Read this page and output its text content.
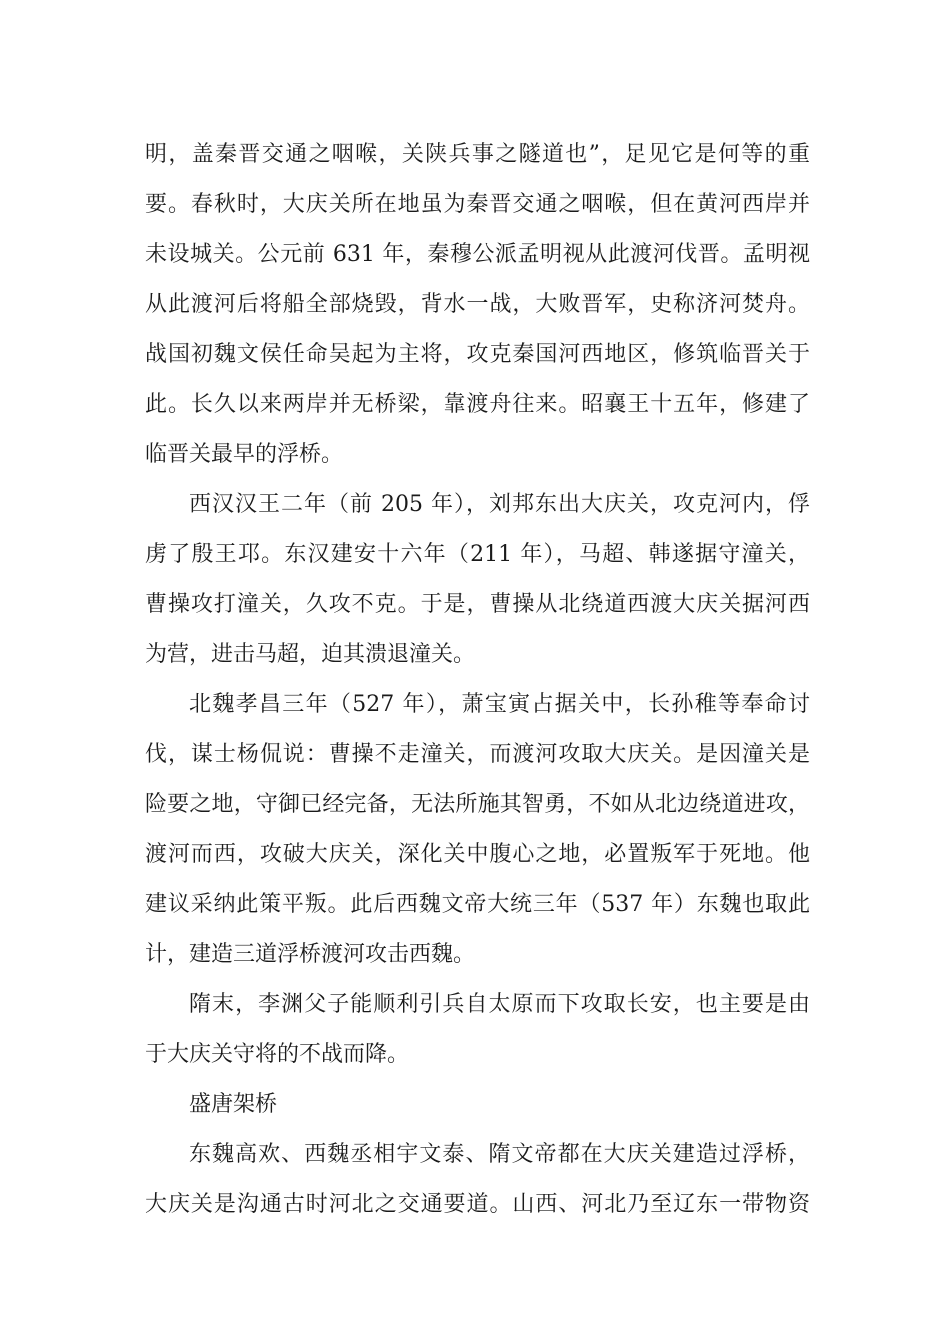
明，盖秦晋交通之咽喉，关陕兵事之隧道也”，足见它是何等的重
要。春秋时，大庆关所在地虽为秦晋交通之咽喉，但在黄河西岸并
未设城关。公元前 631 年，秦穆公派孟明视从此渡河伐晋。孟明视
从此渡河后将船全部烧毁，背水一战，大败晋军，史称济河焚舟。
战国初魏文侯任命吴起为主将，攻克秦国河西地区，修筑临晋关于
此。长久以来两岸并无桥梁，靠渡舟往来。昭襄王十五年，修建了
临晋关最早的浮桥。
西汉汉王二年（前 205 年），刘邦东出大庆关，攻克河内，俘
虏了殷王邛。东汉建安十六年（211 年），马超、韩遂据守潼关，
曹操攻打潼关，久攻不克。于是，曹操从北绕道西渡大庆关据河西
为营，进击马超，迫其溃退潼关。
北魏孝昌三年（527 年），萧宝寅占据关中，长孙稚等奉命讨
伐，谋士杨侃说：曹操不走潼关，而渡河攻取大庆关。是因潼关是
险要之地，守御已经完备，无法所施其智勇，不如从北边绕道进攻，
渡河而西，攻破大庆关，深化关中腹心之地，必置叛军于死地。他
建议采纳此策平叛。此后西魏文帝大统三年（537 年）东魏也取此
计，建造三道浮桥渡河攻击西魏。
隋末，李渊父子能顺利引兵自太原而下攻取长安，也主要是由
于大庆关守将的不战而降。
盛唐架桥
东魏高欢、西魏丞相宇文泰、隋文帝都在大庆关建造过浮桥，
大庆关是沟通古时河北之交通要道。山西、河北乃至辽东一带物资
